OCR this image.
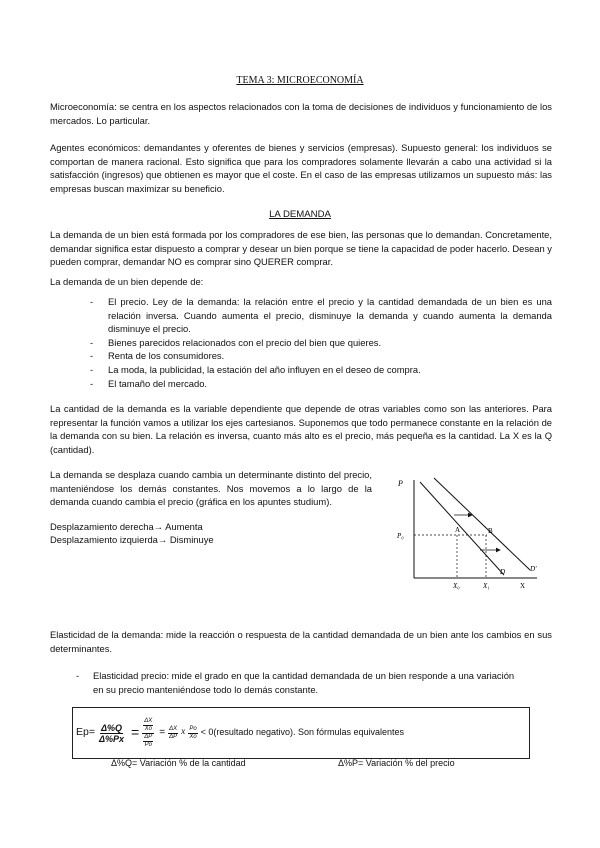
TEMA 3: MICROECONOMÍA

Microeconomía: se centra en los aspectos relacionados con la toma de decisiones de individuos y funcionamiento de los mercados. Lo particular.

Agentes económicos: demandantes y oferentes de bienes y servicios (empresas). Supuesto general: los individuos se comportan de manera racional. Esto significa que para los compradores solamente llevarán a cabo una actividad si la satisfacción (ingresos) que obtienen es mayor que el coste. En el caso de las empresas utilizamos un supuesto más: las empresas buscan maximizar su beneficio.

LA DEMANDA

La demanda de un bien está formada por los compradores de ese bien, las personas que lo demandan. Concretamente, demandar significa estar dispuesto a comprar y desear un bien porque se tiene la capacidad de poder hacerlo. Desean y pueden comprar, demandar NO es comprar sino QUERER comprar.

La demanda de un bien depende de:

- El precio. Ley de la demanda: la relación entre el precio y la cantidad demandada de un bien es una relación inversa. Cuando aumenta el precio, disminuye la demanda y cuando aumenta la demanda disminuye el precio.
- Bienes parecidos relacionados con el precio del bien que quieres.
- Renta de los consumidores.
- La moda, la publicidad, la estación del año influyen en el deseo de compra.
- El tamaño del mercado.

La cantidad de la demanda es la variable dependiente que depende de otras variables como son las anteriores. Para representar la función vamos a utilizar los ejes cartesianos. Suponemos que todo permanece constante en la relación de la demanda con su bien. La relación es inversa, cuanto más alto es el precio, más pequeña es la cantidad. La X es la Q (cantidad).

La demanda se desplaza cuando cambia un determinante distinto del precio, manteniéndose los demás constantes. Nos movemos a lo largo de la demanda cuando cambia el precio (gráfica en los apuntes studium).

Desplazamiento derecha→ Aumenta
Desplazamiento izquierda→ Disminuye
P
P₀
A	B
D	D'
X₀	X₁	X

Elasticidad de la demanda: mide la reacción o respuesta de la cantidad demandada de un bien ante los cambios en sus determinantes.

- Elasticidad precio: mide el grado en que la cantidad demandada de un bien responde a una variación en su precio manteniéndose todo lo demás constante.

$Ep= \frac{\Delta\%Q}{\Delta\%Px} = \frac{\frac{\Delta X}{Xo}}{\frac{\Delta P}{Po}} = \frac{\Delta X}{\Delta P}$ x $\frac{Po}{Xo}$ < 0(resultado negativo). Son fórmulas equivalentes
Δ%Q= Variación % de la cantidad	Δ%P= Variación % del precio
